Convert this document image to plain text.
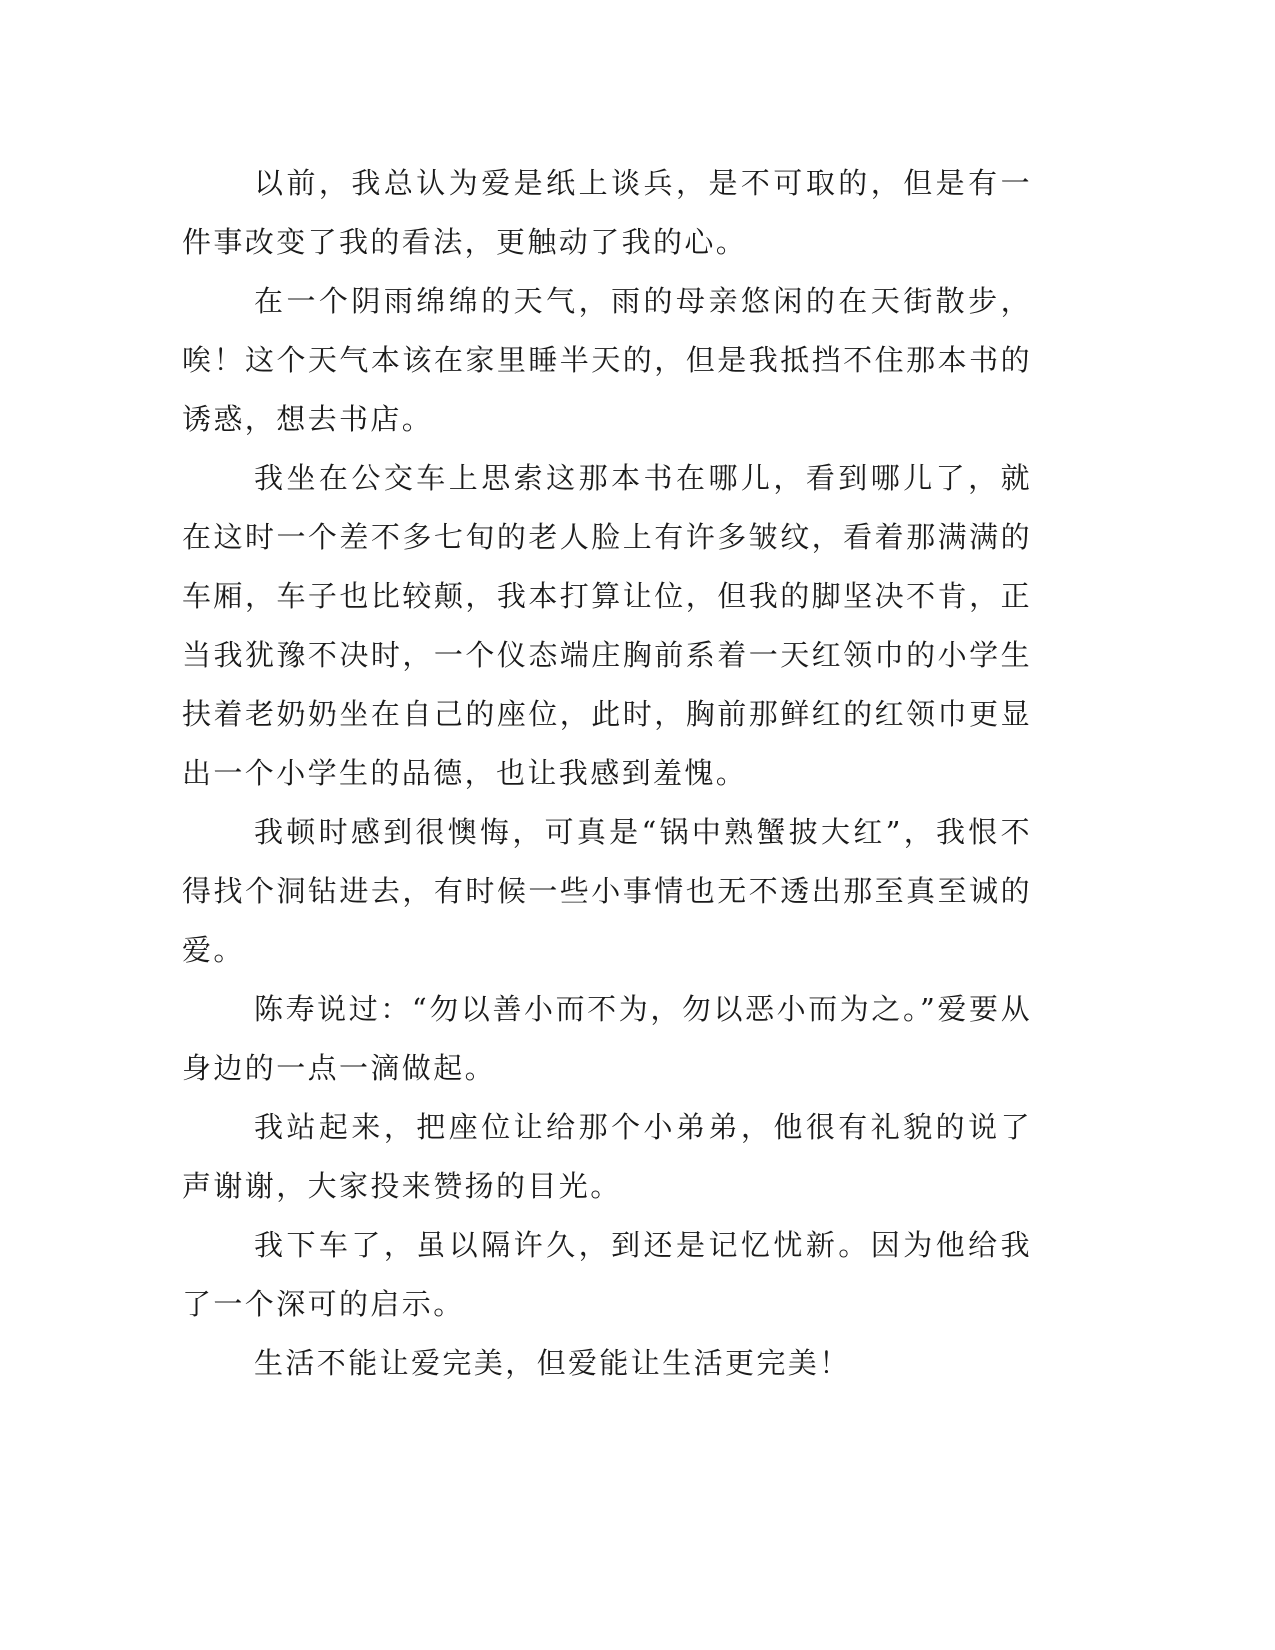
以前，我总认为爱是纸上谈兵，是不可取的，但是有一件事改变了我的看法，更触动了我的心。

在一个阴雨绵绵的天气，雨的母亲悠闲的在天街散步，唉！这个天气本该在家里睡半天的，但是我抵挡不住那本书的诱惑，想去书店。

我坐在公交车上思索这那本书在哪儿，看到哪儿了，就在这时一个差不多七旬的老人脸上有许多皱纹，看着那满满的车厢，车子也比较颠，我本打算让位，但我的脚坚决不肯，正当我犹豫不决时，一个仪态端庄胸前系着一天红领巾的小学生扶着老奶奶坐在自己的座位，此时，胸前那鲜红的红领巾更显出一个小学生的品德，也让我感到羞愧。

我顿时感到很懊悔，可真是“锅中熟蟹披大红”，我恨不得找个洞钻进去，有时候一些小事情也无不透出那至真至诚的爱。

陈寿说过：“勿以善小而不为，勿以恶小而为之。”爱要从身边的一点一滴做起。

我站起来，把座位让给那个小弟弟，他很有礼貌的说了声谢谢，大家投来赞扬的目光。

我下车了，虽以隔许久，到还是记忆忧新。因为他给我了一个深可的启示。

生活不能让爱完美，但爱能让生活更完美！
